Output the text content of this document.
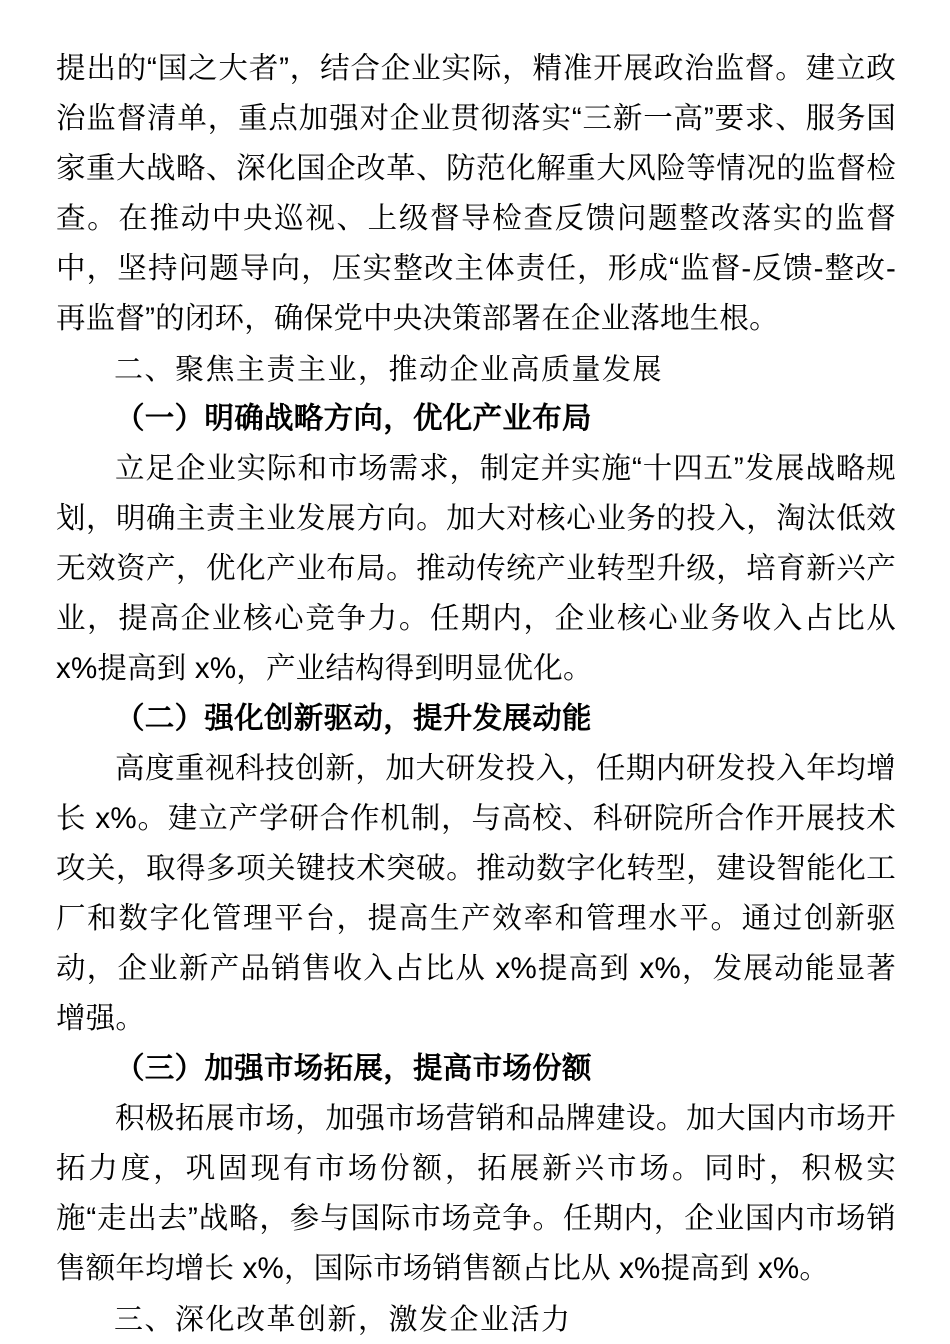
提出的“国之大者”，结合企业实际，精准开展政治监督。建立政治监督清单，重点加强对企业贯彻落实“三新一高”要求、服务国家重大战略、深化国企改革、防范化解重大风险等情况的监督检查。在推动中央巡视、上级督导检查反馈问题整改落实的监督中，坚持问题导向，压实整改主体责任，形成“监督-反馈-整改-再监督”的闭环，确保党中央决策部署在企业落地生根。

二、聚焦主责主业，推动企业高质量发展
（一）明确战略方向，优化产业布局

立足企业实际和市场需求，制定并实施“十四五”发展战略规划，明确主责主业发展方向。加大对核心业务的投入，淘汰低效无效资产，优化产业布局。推动传统产业转型升级，培育新兴产业，提高企业核心竞争力。任期内，企业核心业务收入占比从 x%提高到 x%，产业结构得到明显优化。

（二）强化创新驱动，提升发展动能

高度重视科技创新，加大研发投入，任期内研发投入年均增长 x%。建立产学研合作机制，与高校、科研院所合作开展技术攻关，取得多项关键技术突破。推动数字化转型，建设智能化工厂和数字化管理平台，提高生产效率和管理水平。通过创新驱动，企业新产品销售收入占比从 x%提高到 x%，发展动能显著增强。

（三）加强市场拓展，提高市场份额

积极拓展市场，加强市场营销和品牌建设。加大国内市场开拓力度，巩固现有市场份额，拓展新兴市场。同时，积极实施“走出去”战略，参与国际市场竞争。任期内，企业国内市场销售额年均增长 x%，国际市场销售额占比从 x%提高到 x%。

三、深化改革创新，激发企业活力
